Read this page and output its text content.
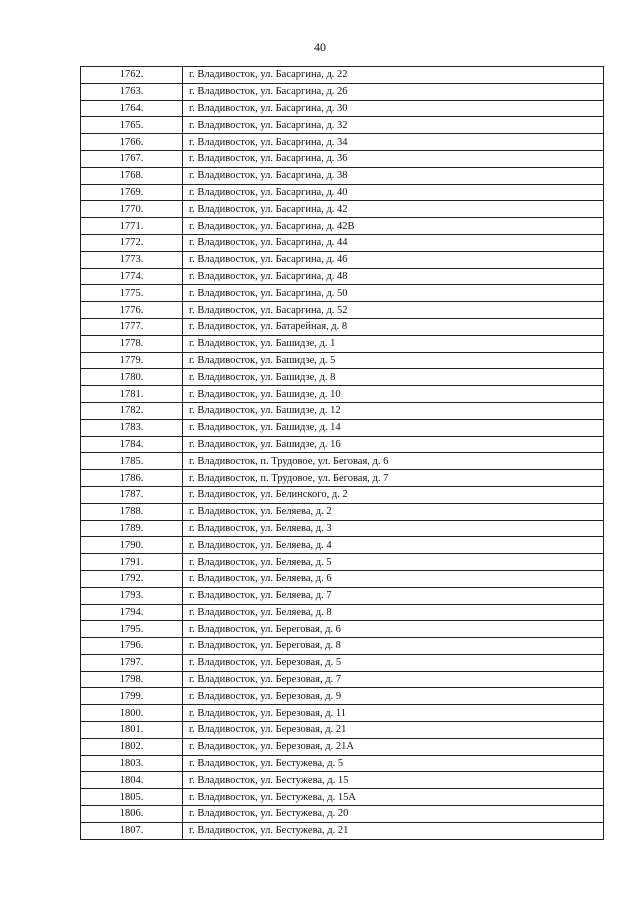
40
1762.	г. Владивосток, ул. Басаргина, д. 22
1763.	г. Владивосток, ул. Басаргина, д. 26
1764.	г. Владивосток, ул. Басаргина, д. 30
1765.	г. Владивосток, ул. Басаргина, д. 32
1766.	г. Владивосток, ул. Басаргина, д. 34
1767.	г. Владивосток, ул. Басаргина, д. 36
1768.	г. Владивосток, ул. Басаргина, д. 38
1769.	г. Владивосток, ул. Басаргина, д. 40
1770.	г. Владивосток, ул. Басаргина, д. 42
1771.	г. Владивосток, ул. Басаргина, д. 42В
1772.	г. Владивосток, ул. Басаргина, д. 44
1773.	г. Владивосток, ул. Басаргина, д. 46
1774.	г. Владивосток, ул. Басаргина, д. 48
1775.	г. Владивосток, ул. Басаргина, д. 50
1776.	г. Владивосток, ул. Басаргина, д. 52
1777.	г. Владивосток, ул. Батарейная, д. 8
1778.	г. Владивосток, ул. Башидзе, д. 1
1779.	г. Владивосток, ул. Башидзе, д. 5
1780.	г. Владивосток, ул. Башидзе, д. 8
1781.	г. Владивосток, ул. Башидзе, д. 10
1782.	г. Владивосток, ул. Башидзе, д. 12
1783.	г. Владивосток, ул. Башидзе, д. 14
1784.	г. Владивосток, ул. Башидзе, д. 16
1785.	г. Владивосток, п. Трудовое, ул. Беговая, д. 6
1786.	г. Владивосток, п. Трудовое, ул. Беговая, д. 7
1787.	г. Владивосток, ул. Белинского, д. 2
1788.	г. Владивосток, ул. Беляева, д. 2
1789.	г. Владивосток, ул. Беляева, д. 3
1790.	г. Владивосток, ул. Беляева, д. 4
1791.	г. Владивосток, ул. Беляева, д. 5
1792.	г. Владивосток, ул. Беляева, д. 6
1793.	г. Владивосток, ул. Беляева, д. 7
1794.	г. Владивосток, ул. Беляева, д. 8
1795.	г. Владивосток, ул. Береговая, д. 6
1796.	г. Владивосток, ул. Береговая, д. 8
1797.	г. Владивосток, ул. Березовая, д. 5
1798.	г. Владивосток, ул. Березовая, д. 7
1799.	г. Владивосток, ул. Березовая, д. 9
1800.	г. Владивосток, ул. Березовая, д. 11
1801.	г. Владивосток, ул. Березовая, д. 21
1802.	г. Владивосток, ул. Березовая, д. 21А
1803.	г. Владивосток, ул. Бестужева, д. 5
1804.	г. Владивосток, ул. Бестужева, д. 15
1805.	г. Владивосток, ул. Бестужева, д. 15А
1806.	г. Владивосток, ул. Бестужева, д. 20
1807.	г. Владивосток, ул. Бестужева, д. 21
